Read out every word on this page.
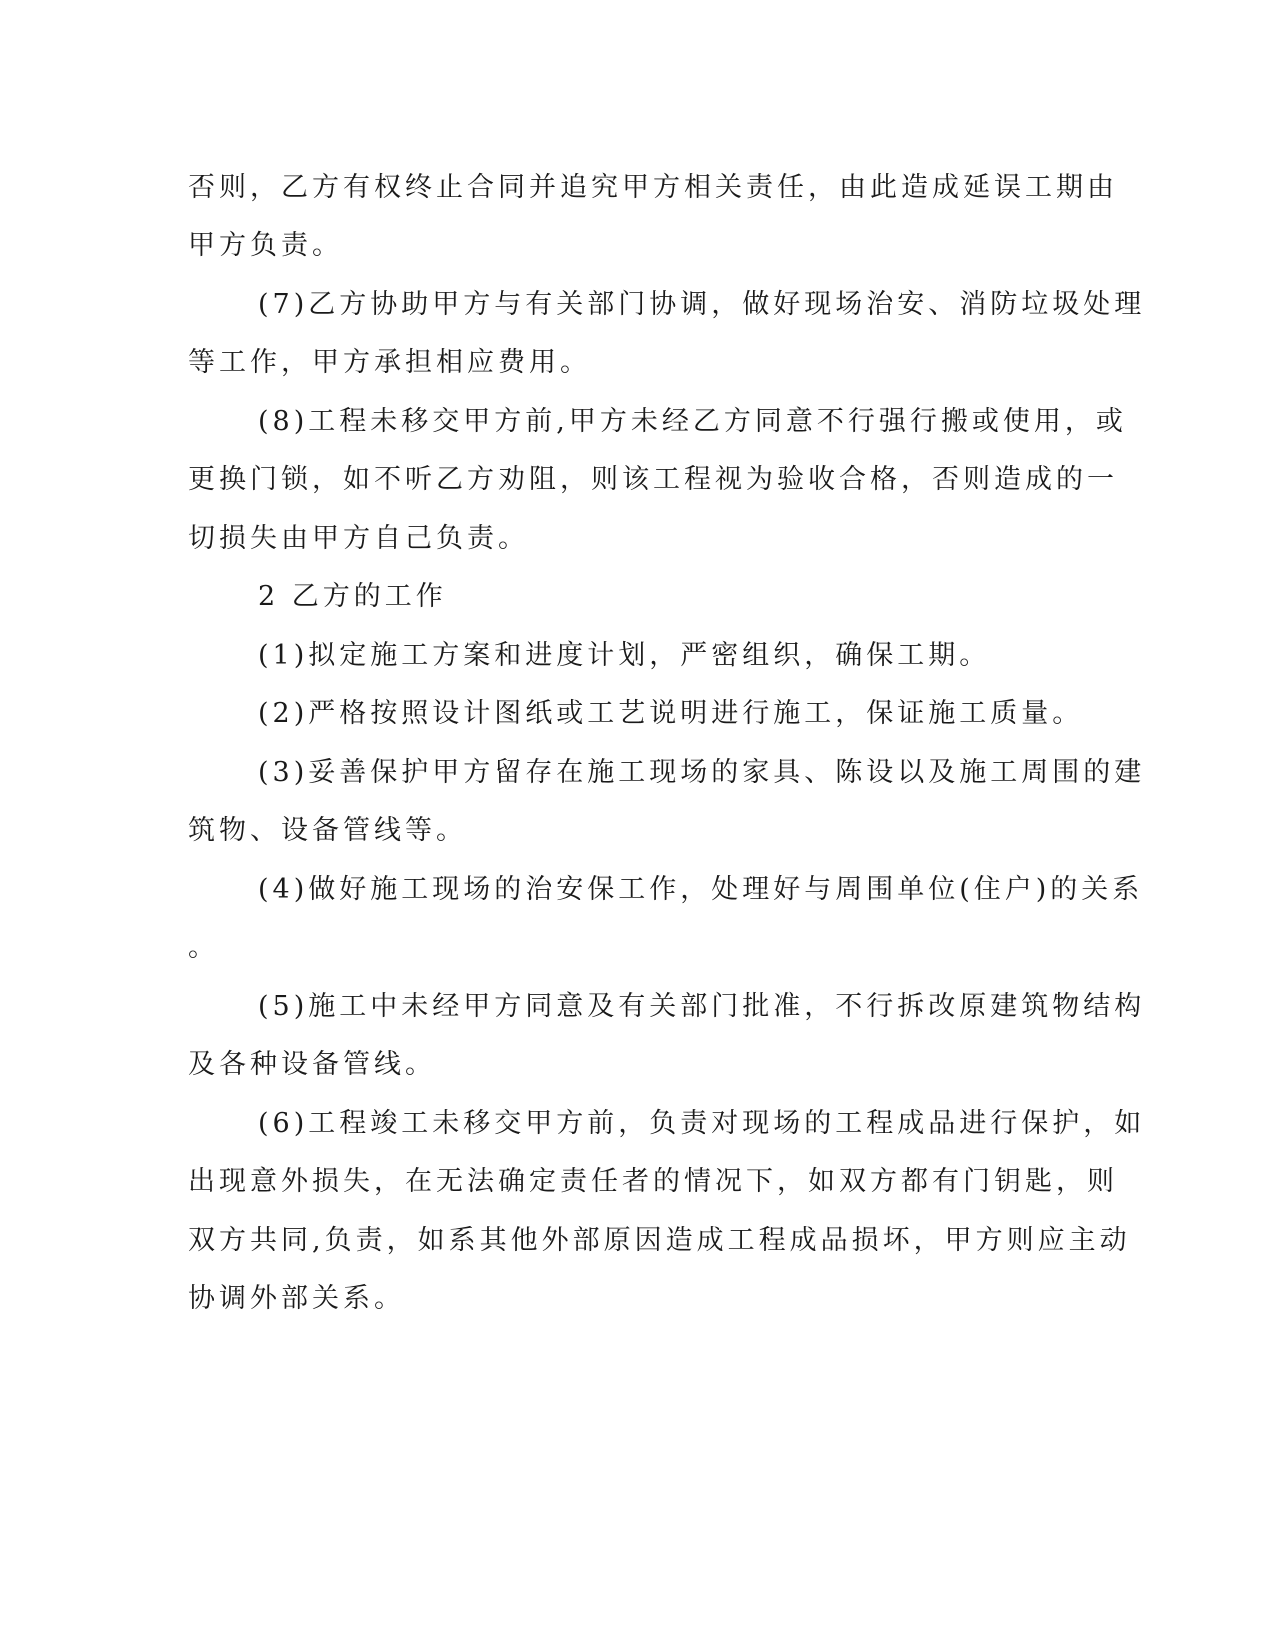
否则，乙方有权终止合同并追究甲方相关责任，由此造成延误工期由
甲方负责。
(7)乙方协助甲方与有关部门协调，做好现场治安、消防垃圾处理
等工作，甲方承担相应费用。
(8)工程未移交甲方前,甲方未经乙方同意不行强行搬或使用，或
更换门锁，如不听乙方劝阻，则该工程视为验收合格，否则造成的一
切损失由甲方自己负责。
2 乙方的工作
(1)拟定施工方案和进度计划，严密组织，确保工期。
(2)严格按照设计图纸或工艺说明进行施工，保证施工质量。
(3)妥善保护甲方留存在施工现场的家具、陈设以及施工周围的建
筑物、设备管线等。
(4)做好施工现场的治安保工作，处理好与周围单位(住户)的关系
。
(5)施工中未经甲方同意及有关部门批准，不行拆改原建筑物结构
及各种设备管线。
(6)工程竣工未移交甲方前，负责对现场的工程成品进行保护，如
出现意外损失，在无法确定责任者的情况下，如双方都有门钥匙，则
双方共同,负责，如系其他外部原因造成工程成品损坏，甲方则应主动
协调外部关系。
